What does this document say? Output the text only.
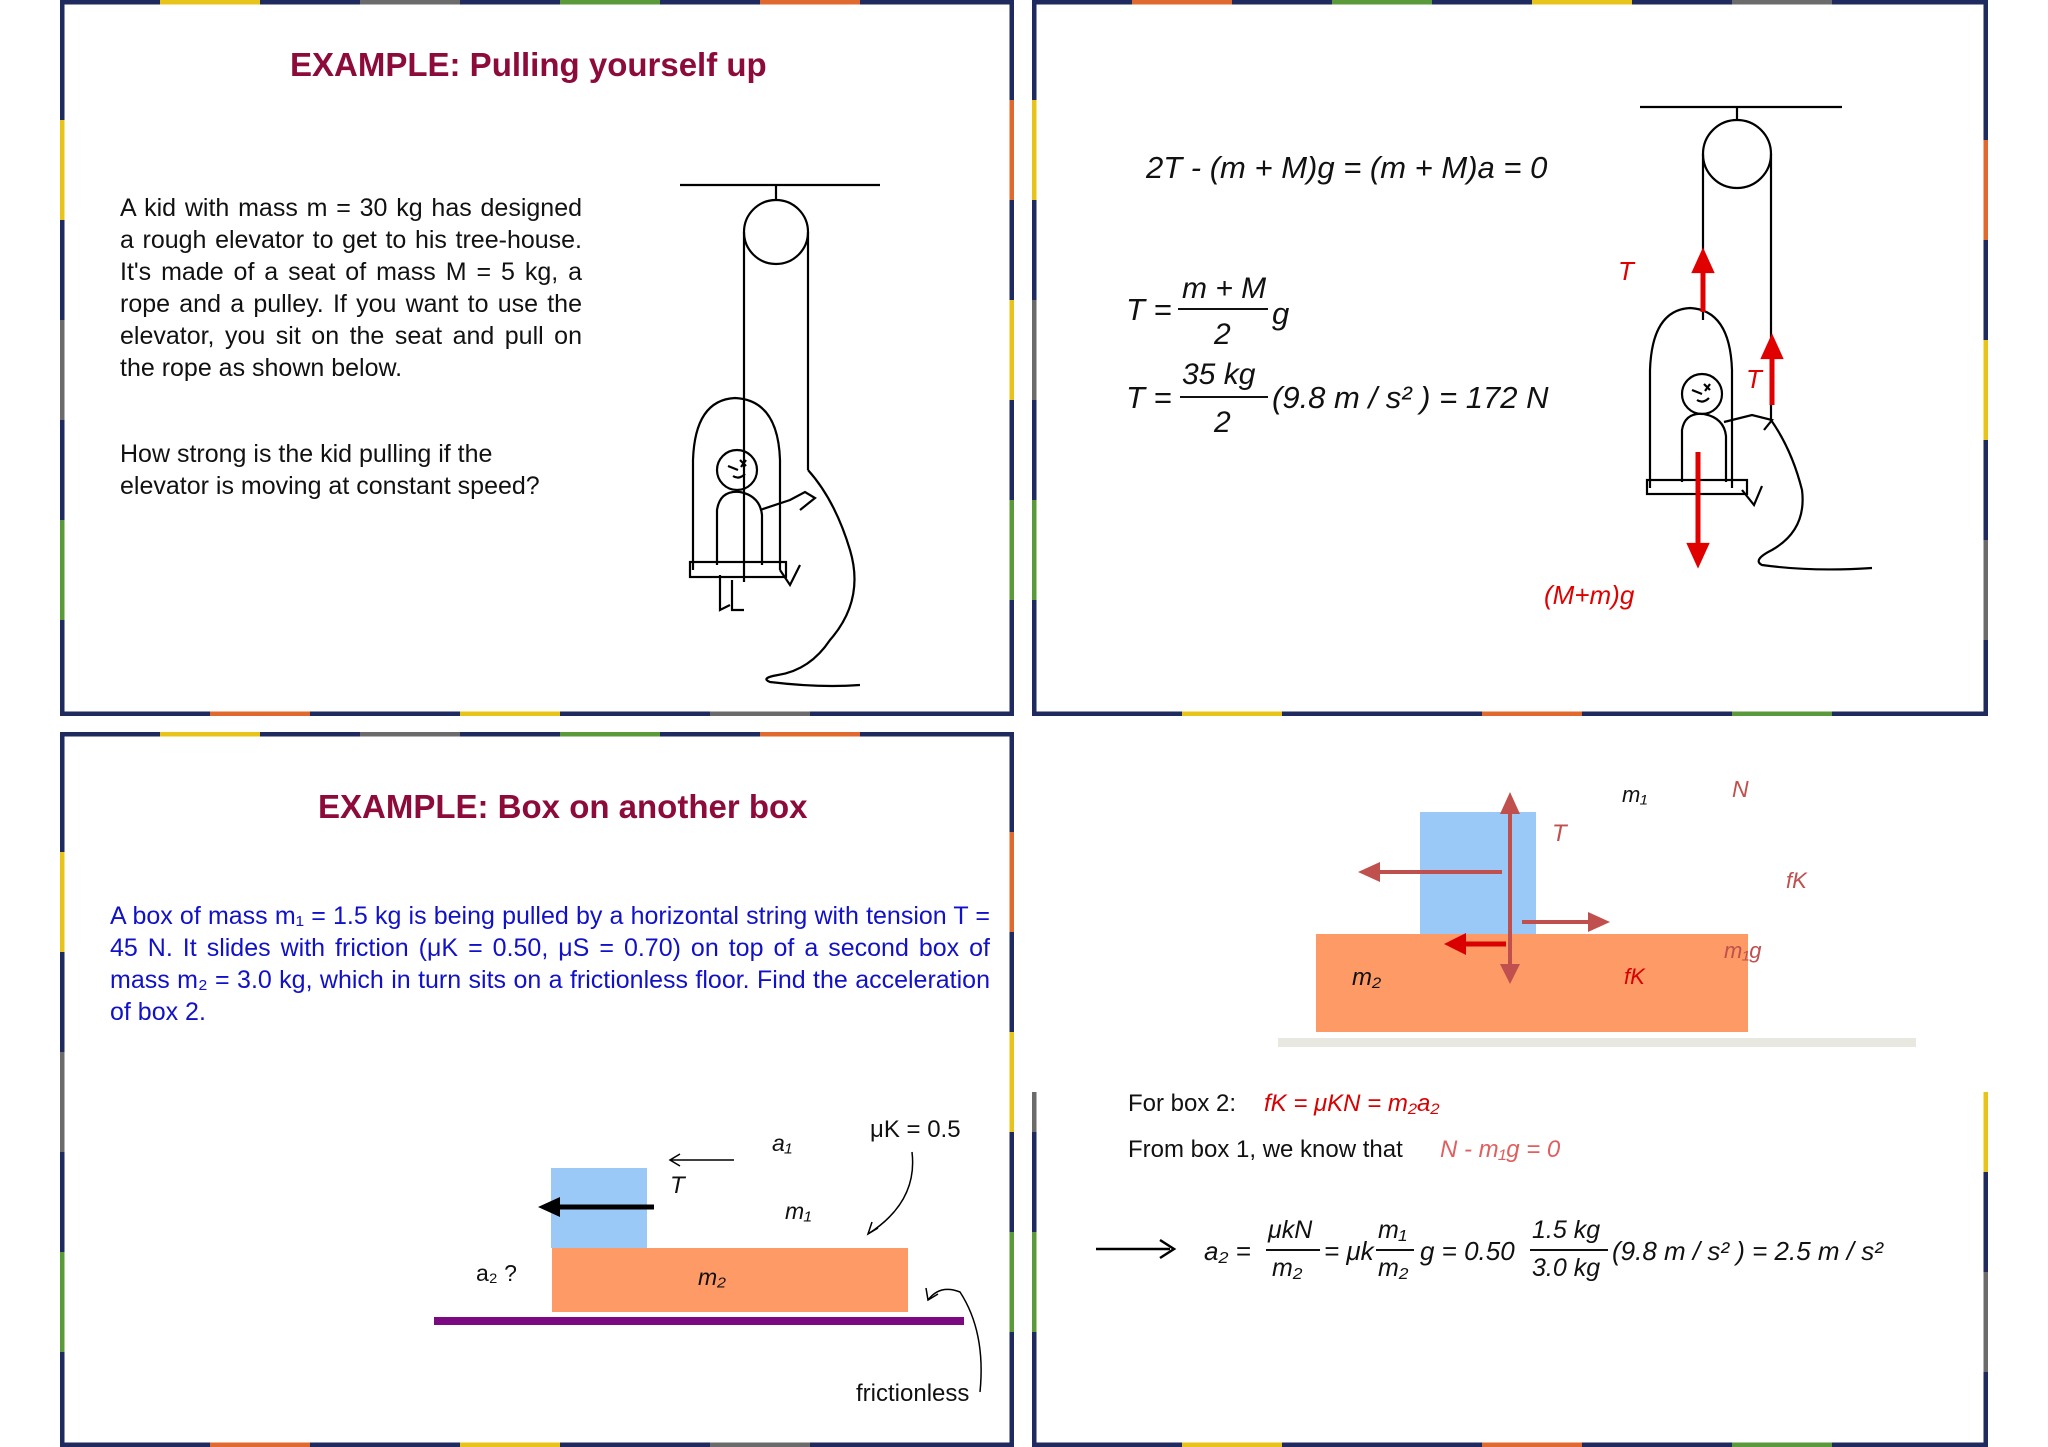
EXAMPLE: Pulling yourself up
A kid with mass m = 30 kg has designed a rough elevator to get to his tree-house. It's made of a seat of mass M = 5 kg, a rope and a pulley. If you want to use the elevator, you sit on the seat and pull on the rope as shown below.
How strong is the kid pulling if the elevator is moving at constant speed?
2T - (m + M)g = (m + M)a = 0
T =
m + M
2
g
T =
35 kg
2
(9.8 m / s² ) = 172 N
T
T
(M+m)g
EXAMPLE: Box on another box
A box of mass m₁ = 1.5 kg is being pulled by a horizontal string with tension T = 45 N. It slides with friction (μK = 0.50, μS = 0.70) on top of a second box of mass m₂ = 3.0 kg, which in turn sits on a frictionless floor. Find the acceleration of box 2.
a₁	μK = 0.5
T
m₁
m₂
a₂ ?
frictionless
m₁	N
T
fK
m₁g
m₂	fK
For box 2: fK = μKN = m₂a₂
From box 1, we know that N - m₁g = 0
a₂ =
μkN
m₂
= μk
m₁
m₂
g = 0.50
1.5 kg
3.0 kg
(9.8 m / s² ) = 2.5 m / s²
